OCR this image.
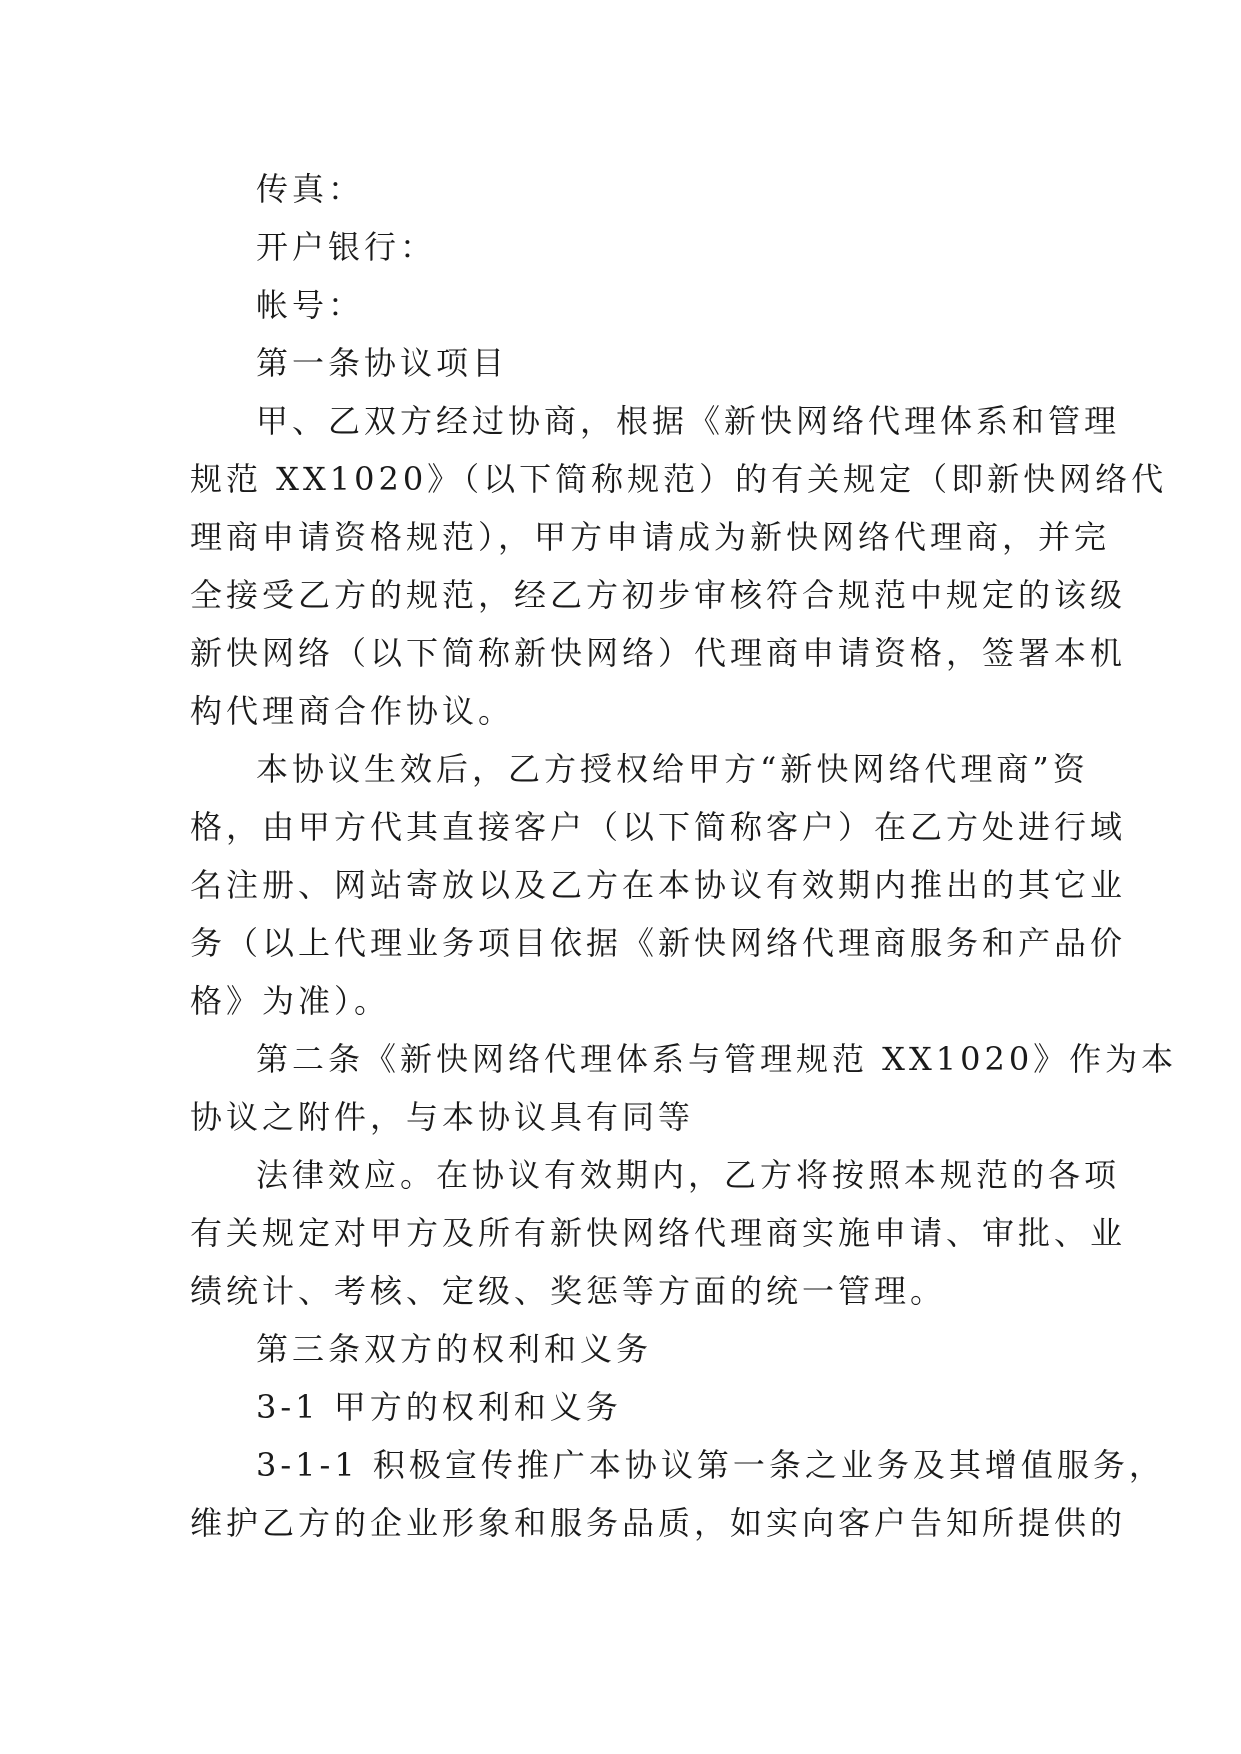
传真：
开户银行：
帐号：
第一条协议项目
甲、乙双方经过协商，根据《新快网络代理体系和管理
规范 XX1020》（以下简称规范）的有关规定（即新快网络代
理商申请资格规范），甲方申请成为新快网络代理商，并完
全接受乙方的规范，经乙方初步审核符合规范中规定的该级
新快网络（以下简称新快网络）代理商申请资格，签署本机
构代理商合作协议。
本协议生效后，乙方授权给甲方“新快网络代理商”资
格，由甲方代其直接客户（以下简称客户）在乙方处进行域
名注册、网站寄放以及乙方在本协议有效期内推出的其它业
务（以上代理业务项目依据《新快网络代理商服务和产品价
格》为准）。
第二条《新快网络代理体系与管理规范 XX1020》作为本
协议之附件，与本协议具有同等
法律效应。在协议有效期内，乙方将按照本规范的各项
有关规定对甲方及所有新快网络代理商实施申请、审批、业
绩统计、考核、定级、奖惩等方面的统一管理。
第三条双方的权利和义务
3-1 甲方的权利和义务
3-1-1 积极宣传推广本协议第一条之业务及其增值服务，
维护乙方的企业形象和服务品质，如实向客户告知所提供的
